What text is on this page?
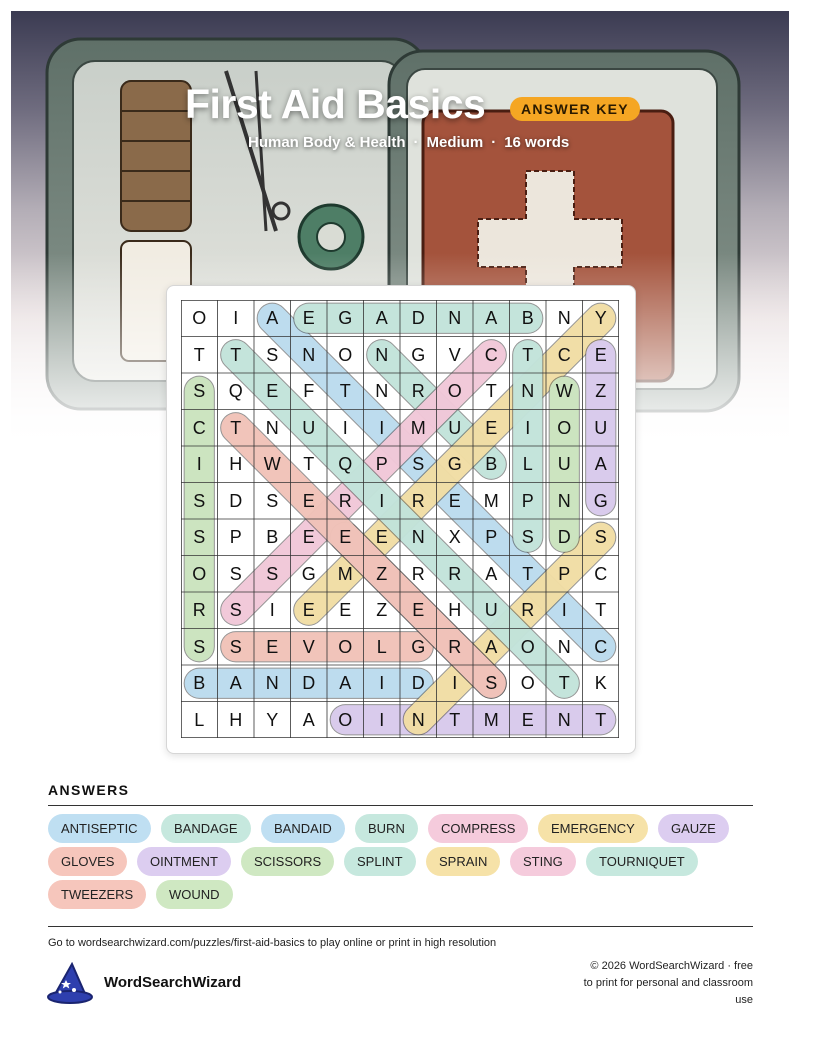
First Aid Basics	ANSWER KEY
Human Body & Health · Medium · 16 words
O	I	A	E	G	A	D	N	A	B	N	Y
T	T	S	N	O	N	G	V	C	T	C	E
S	Q	E	F	T	N	R	O	T	N	W	Z
C	T	N	U	I	I	M	U	E	I	O	U
I	H	W	T	Q	P	S	G	B	L	U	A
S	D	S	E	R	I	R	E	M	P	N	G
S	P	B	E	E	E	N	X	P	S	D	S
O	S	S	G	M	Z	R	R	A	T	P	C
R	S	I	E	E	Z	E	H	U	R	I	T
S	S	E	V	O	L	G	R	A	O	N	C
B	A	N	D	A	I	D	I	S	O	T	K
L	H	Y	A	O	I	N	T	M	E	N	T
ANSWERS
ANTISEPTIC	BANDAGE	BANDAID	BURN	COMPRESS	EMERGENCY	GAUZE
GLOVES	OINTMENT	SCISSORS	SPLINT	SPRAIN	STING	TOURNIQUET
TWEEZERS	WOUND
Go to wordsearchwizard.com/puzzles/first-aid-basics to play online or print in high resolution
WordSearchWizard
© 2026 WordSearchWizard · free to print for personal and classroom use
